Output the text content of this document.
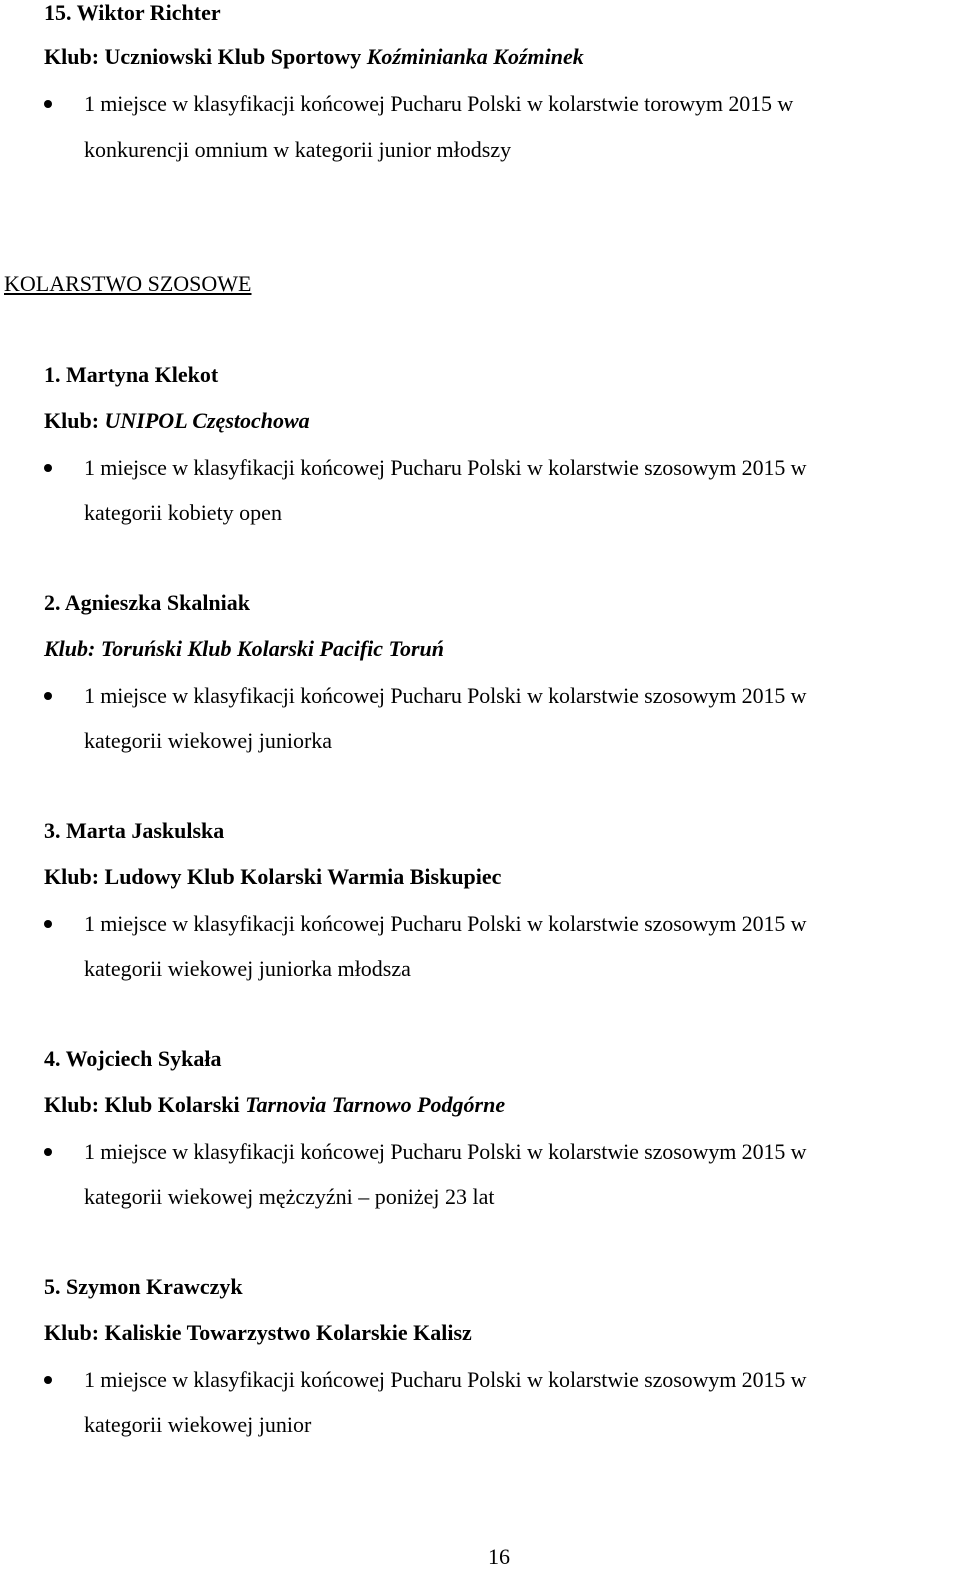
15. Wiktor Richter
Klub: Uczniowski Klub Sportowy Koźminianka Koźminek
1 miejsce w klasyfikacji końcowej Pucharu Polski w kolarstwie torowym 2015 w
konkurencji omnium w kategorii junior młodszy
KOLARSTWO SZOSOWE
1. Martyna Klekot
Klub: UNIPOL Częstochowa
1 miejsce w klasyfikacji końcowej Pucharu Polski w kolarstwie szosowym 2015 w
kategorii kobiety open
2. Agnieszka Skalniak
Klub: Toruński Klub Kolarski Pacific Toruń
1 miejsce w klasyfikacji końcowej Pucharu Polski w kolarstwie szosowym 2015 w
kategorii wiekowej juniorka
3. Marta Jaskulska
Klub: Ludowy Klub Kolarski Warmia Biskupiec
1 miejsce w klasyfikacji końcowej Pucharu Polski w kolarstwie szosowym 2015 w
kategorii wiekowej juniorka młodsza
4. Wojciech Sykała
Klub: Klub Kolarski Tarnovia Tarnowo Podgórne
1 miejsce w klasyfikacji końcowej Pucharu Polski w kolarstwie szosowym 2015 w
kategorii wiekowej mężczyźni – poniżej 23 lat
5. Szymon Krawczyk
Klub: Kaliskie Towarzystwo Kolarskie Kalisz
1 miejsce w klasyfikacji końcowej Pucharu Polski w kolarstwie szosowym 2015 w
kategorii wiekowej junior
16
